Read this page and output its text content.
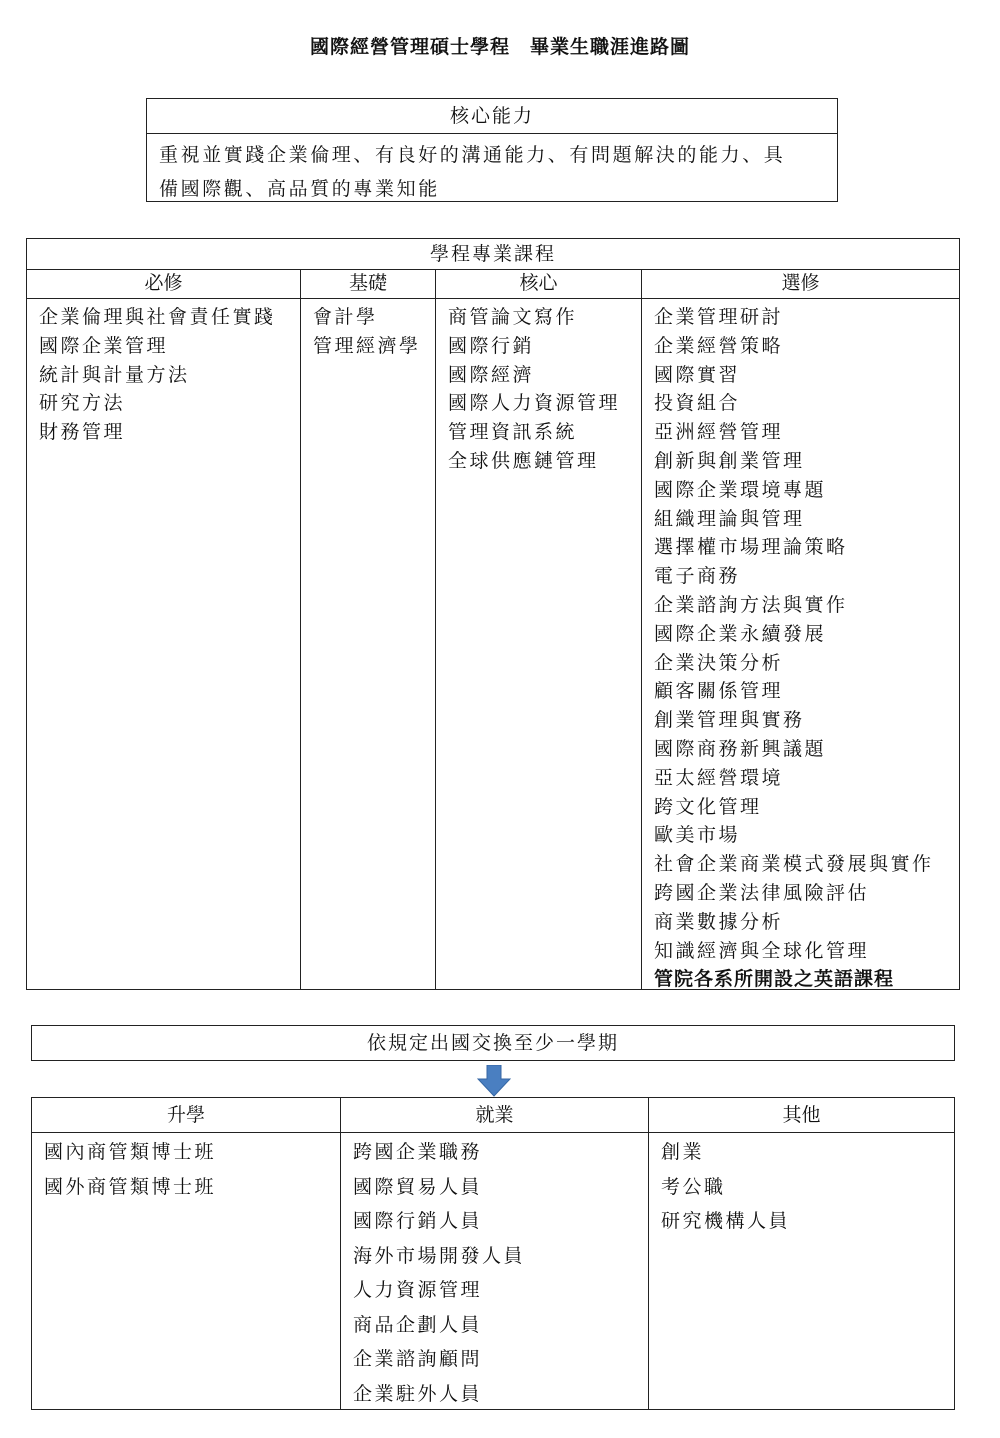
國際經營管理碩士學程　畢業生職涯進路圖
核心能力
重視並實踐企業倫理、有良好的溝通能力、有問題解決的能力、具
備國際觀、高品質的專業知能
學程專業課程
必修
企業倫理與社會責任實踐
國際企業管理
統計與計量方法
研究方法
財務管理
基礎
會計學
管理經濟學
核心
商管論文寫作
國際行銷
國際經濟
國際人力資源管理
管理資訊系統
全球供應鏈管理
選修
企業管理研討
企業經營策略
國際實習
投資組合
亞洲經營管理
創新與創業管理
國際企業環境專題
組織理論與管理
選擇權市場理論策略
電子商務
企業諮詢方法與實作
國際企業永續發展
企業決策分析
顧客關係管理
創業管理與實務
國際商務新興議題
亞太經營環境
跨文化管理
歐美市場
社會企業商業模式發展與實作
跨國企業法律風險評估
商業數據分析
知識經濟與全球化管理
管院各系所開設之英語課程
依規定出國交換至少一學期
升學
國內商管類博士班
國外商管類博士班
就業
跨國企業職務
國際貿易人員
國際行銷人員
海外市場開發人員
人力資源管理
商品企劃人員
企業諮詢顧問
企業駐外人員
其他
創業
考公職
研究機構人員
